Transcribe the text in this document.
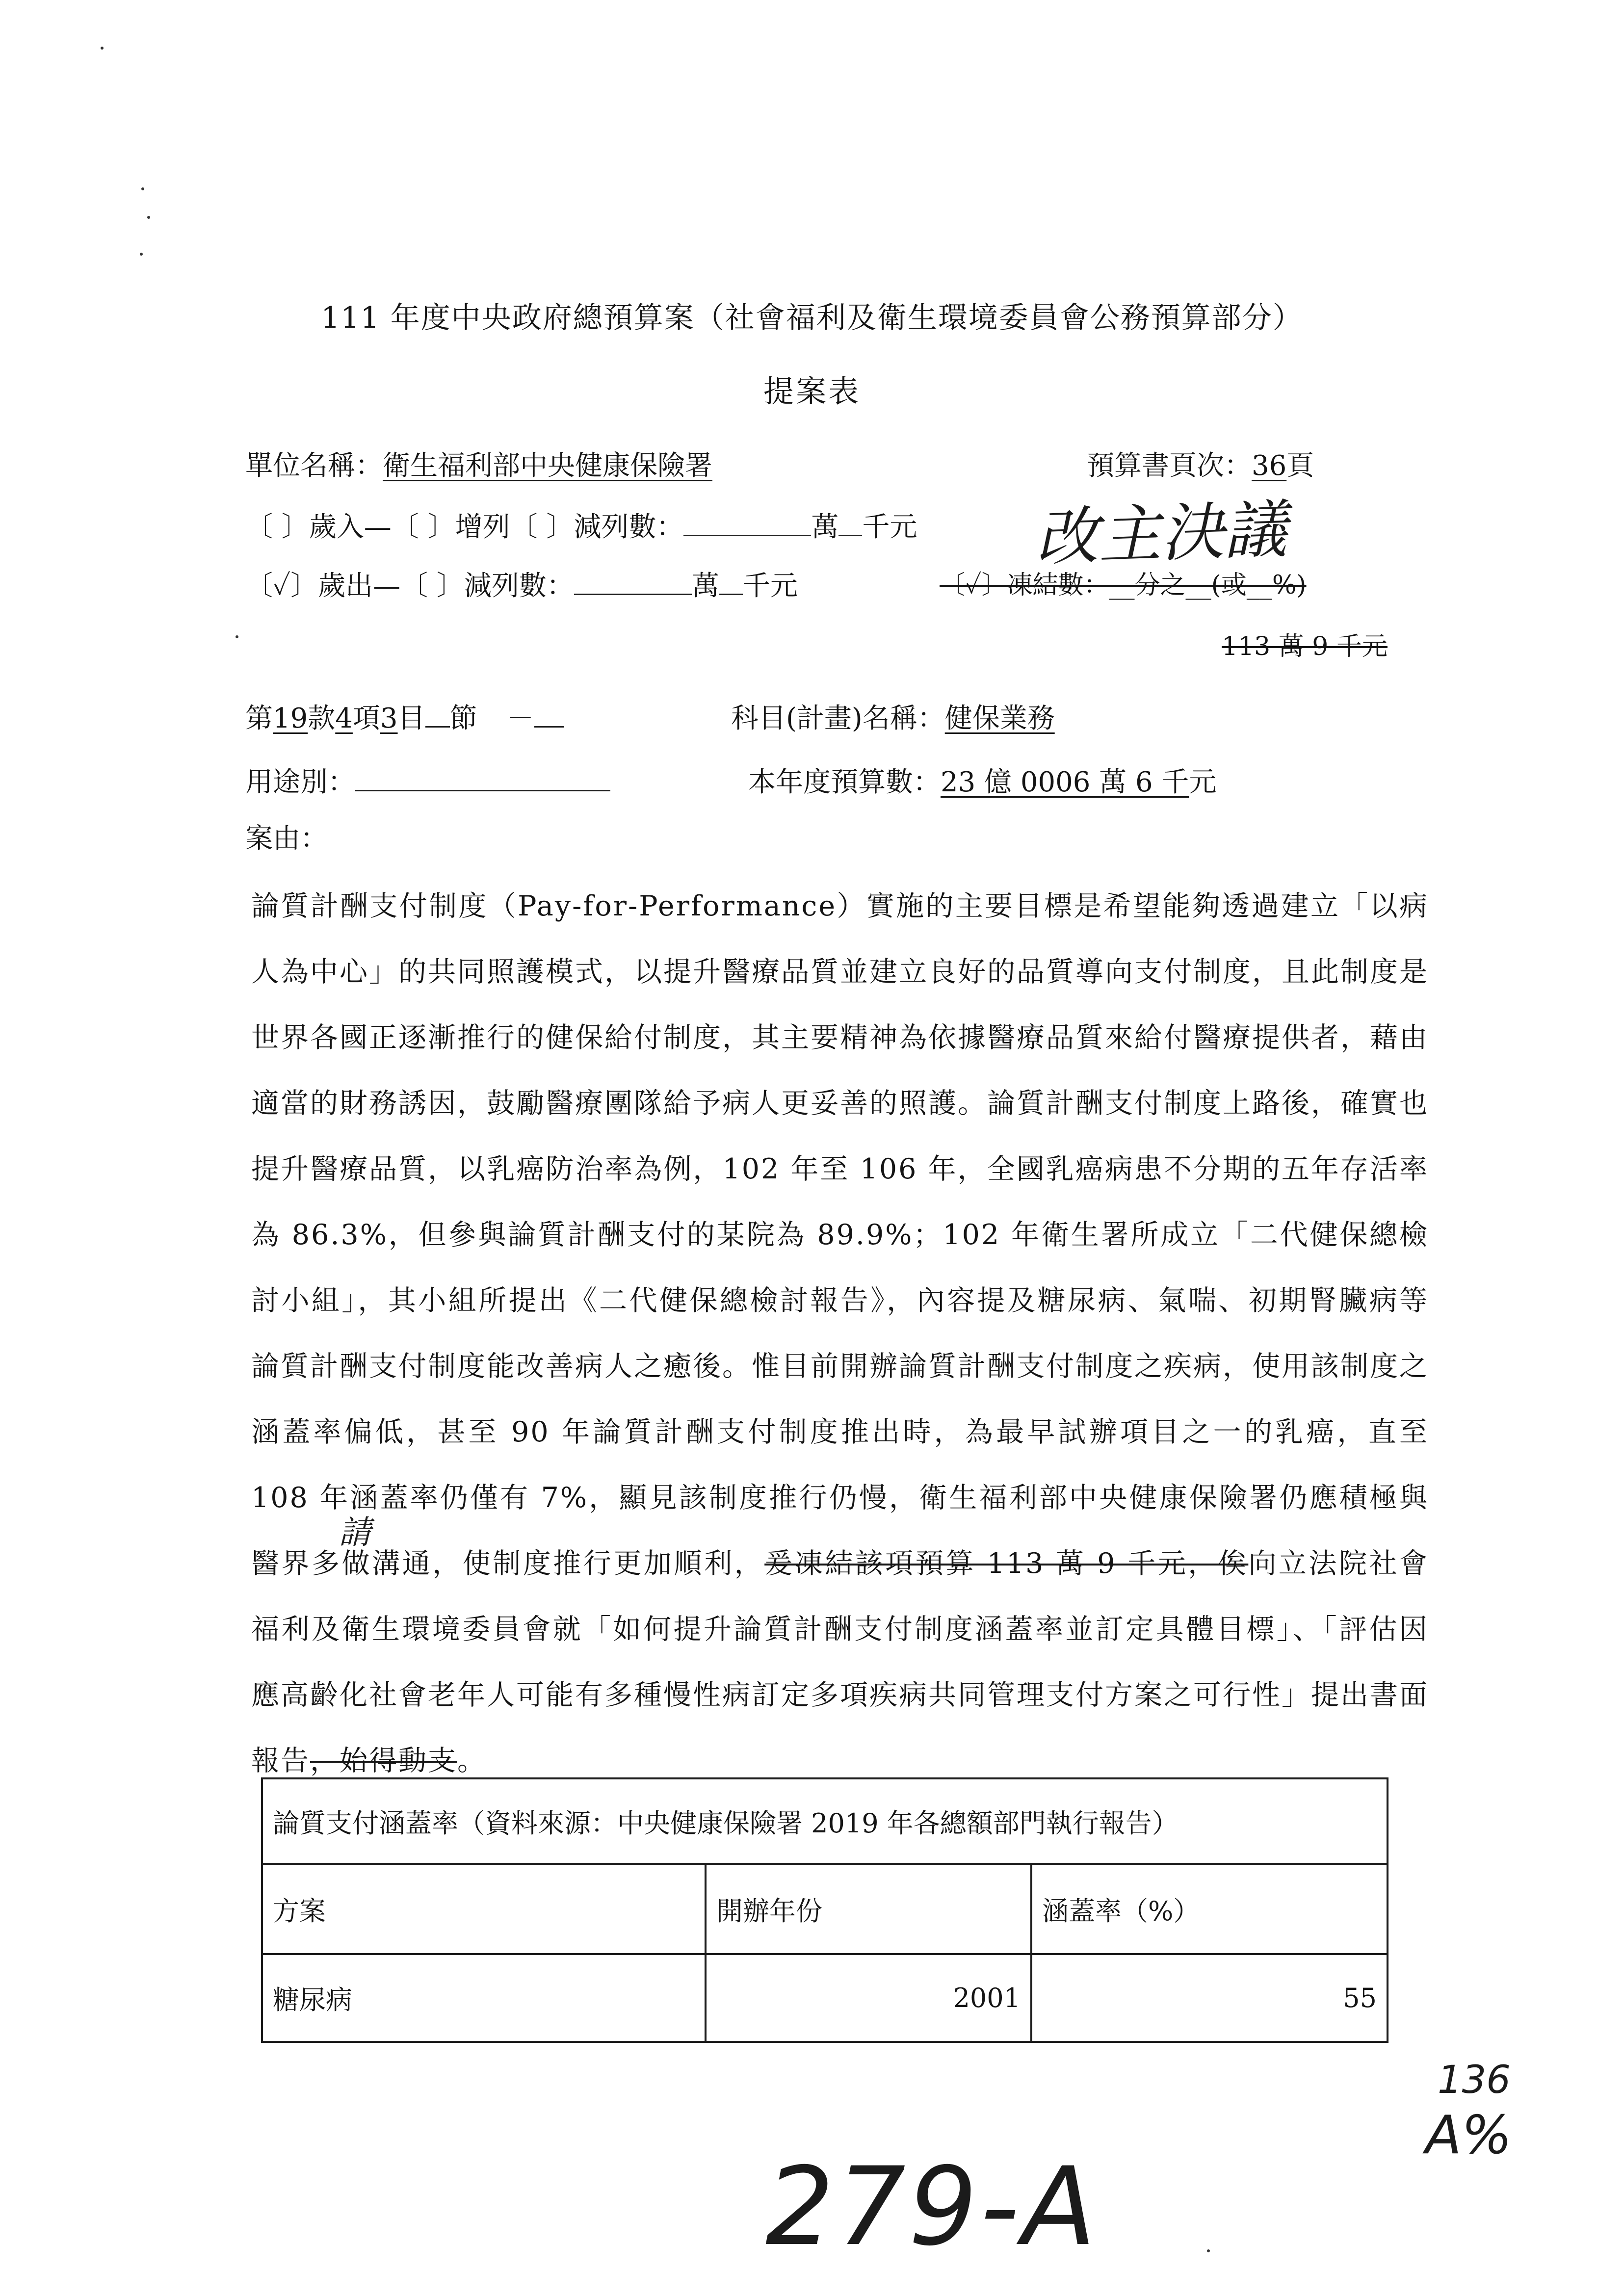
111 年度中央政府總預算案（社會福利及衛生環境委員會公務預算部分）
提案表
單位名稱：衛生福利部中央健康保險署	預算書頁次：36頁
〔 〕歲入—〔 〕增列〔 〕減列數：	萬 千元 改主決議
〔✓〕歲出—〔 〕減列數：	萬 千元	〔✓〕凍結數：__分之__(或__%)
113 萬 9 千元
第19款4項3目 節 －	科目(計畫)名稱：健保業務
用途別：	本年度預算數：23 億 0006 萬 6 千元
案由：
論質計酬支付制度（Pay-for-Performance）實施的主要目標是希望能夠透過建立「以病人為中心」的共同照護模式，以提升醫療品質並建立良好的品質導向支付制度，且此制度是世界各國正逐漸推行的健保給付制度，其主要精神為依據醫療品質來給付醫療提供者，藉由適當的財務誘因，鼓勵醫療團隊給予病人更妥善的照護。論質計酬支付制度上路後，確實也提升醫療品質，以乳癌防治率為例，102 年至 106 年，全國乳癌病患不分期的五年存活率為 86.3%，但參與論質計酬支付的某院為 89.9%；102 年衛生署所成立「二代健保總檢討小組」，其小組所提出《二代健保總檢討報告》，內容提及糖尿病、氣喘、初期腎臟病等論質計酬支付制度能改善病人之癒後。惟目前開辦論質計酬支付制度之疾病，使用該制度之涵蓋率偏低，甚至 90 年論質計酬支付制度推出時，為最早試辦項目之一的乳癌，直至 108 年涵蓋率仍僅有 7%，顯見該制度推行仍慢，衛生福利部中央健康保險署仍應積極與醫界多做溝通，使制度推行更加順利，爰凍結該項預算 113 萬 9 千元，俟向立法院社會福利及衛生環境委員會就「如何提升論質計酬支付制度涵蓋率並訂定具體目標」、「評估因應高齡化社會老年人可能有多種慢性病訂定多項疾病共同管理支付方案之可行性」提出書面報告，始得動支。
請
論質支付涵蓋率（資料來源：中央健康保險署 2019 年各總額部門執行報告）		
方案	開辦年份	涵蓋率（%）
糖尿病	2001	55
279-A
136
A%
